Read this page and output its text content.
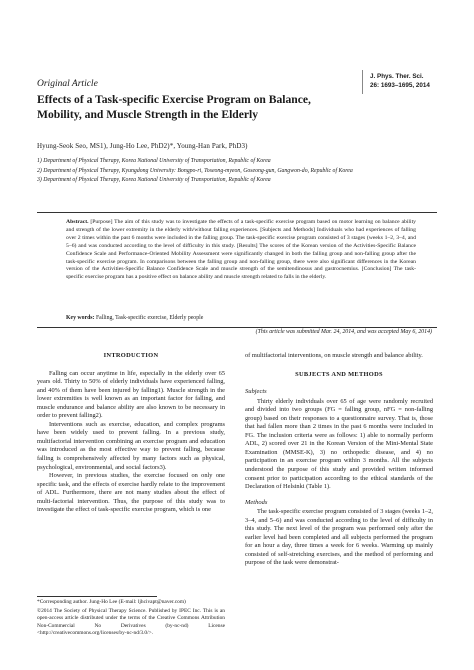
Original Article
J. Phys. Ther. Sci.
26: 1693–1695, 2014
Effects of a Task-specific Exercise Program on Balance, Mobility, and Muscle Strength in the Elderly
Hyung-Seok Seo, MS1), Jung-Ho Lee, PhD2)*, Young-Han Park, PhD3)
1) Department of Physical Therapy, Korea National University of Transportation, Republic of Korea
2) Department of Physical Therapy, Kyungdong University: Bongpo-ri, Toseong-myeon, Goseong-gun, Gangwon-do, Republic of Korea
3) Department of Physical Therapy, Korea National University of Transportation, Republic of Korea
Abstract. [Purpose] The aim of this study was to investigate the effects of a task-specific exercise program based on motor learning on balance ability and strength of the lower extremity in the elderly with/without falling experiences. [Subjects and Methods] Individuals who had experiences of falling over 2 times within the past 6 months were included in the falling group. The task-specific exercise program consisted of 3 stages (weeks 1–2, 3–4, and 5–6) and was conducted according to the level of difficulty in this study. [Results] The scores of the Korean version of the Activities-Specific Balance Confidence Scale and Performance-Oriented Mobility Assessment were significantly changed in both the falling group and non-falling group after the task-specific exercise program. In comparisons between the falling group and non-falling group, there were also significant differences in the Korean version of the Activities-Specific Balance Confidence Scale and muscle strength of the semitendinosus and gastrocnemius. [Conclusion] The task-specific exercise program has a positive effect on balance ability and muscle strength related to falls in the elderly.
Key words: Falling, Task-specific exercise, Elderly people
(This article was submitted Mar. 24, 2014, and was accepted May 6, 2014)
INTRODUCTION

Falling can occur anytime in life, especially in the elderly over 65 years old. Thirty to 50% of elderly individuals have experienced falling, and 40% of them have been injured by falling1). Muscle strength in the lower extremities is well known as an important factor for falling, and muscle endurance and balance ability are also known to be necessary in order to prevent falling2).

Interventions such as exercise, education, and complex programs have been widely used to prevent falling. In a previous study, multifactorial intervention combining an exercise program and education was introduced as the most effective way to prevent falling, because falling is comprehensively affected by many factors such as physical, psychological, environmental, and social factors3).

However, in previous studies, the exercise focused on only one specific task, and the effects of exercise hardly relate to the improvement of ADL. Furthermore, there are not many studies about the effect of multi-factorial intervention. Thus, the purpose of this study was to investigate the effect of task-specific exercise program, which is one

of multifactorial interventions, on muscle strength and balance ability.

SUBJECTS AND METHODS
Subjects

Thirty elderly individuals over 65 of age were randomly recruited and divided into two groups (FG = falling group, nFG = non-falling group) based on their responses to a questionnaire survey. That is, those that had fallen more than 2 times in the past 6 months were included in FG. The inclusion criteria were as follows: 1) able to normally perform ADL, 2) scored over 21 in the Korean Version of the Mini-Mental State Examination (MMSE-K), 3) no orthopedic disease, and 4) no participation in an exercise program within 3 months. All the subjects understood the purpose of this study and provided written informed consent prior to participation according to the ethical standards of the Declaration of Helsinki (Table 1).

Methods

The task-specific exercise program consisted of 3 stages (weeks 1–2, 3–4, and 5–6) and was conducted according to the level of difficulty in this study. The next level of the program was performed only after the earlier level had been completed and all subjects performed the program for an hour a day, three times a week for 6 weeks. Warming up mainly consisted of self-stretching exercises, and the method of performing and purpose of the task were demonstrat-

*Corresponding author. Jung-Ho Lee (E-mail: ljhcivapt@naver.com)
©2014 The Society of Physical Therapy Science. Published by IPEC Inc. This is an open-access article distributed under the terms of the Creative Commons Attribution Non-Commercial No Derivatives (by-nc-nd) License <http://creativecommons.org/licenses/by-nc-nd/3.0/>.
